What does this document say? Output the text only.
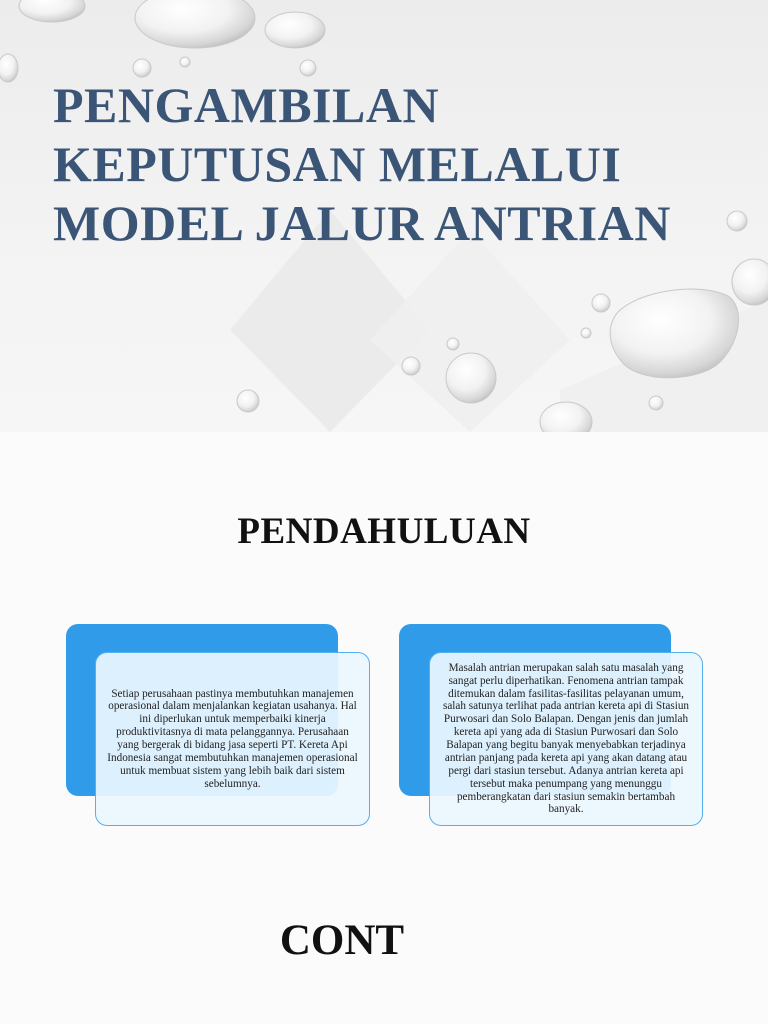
PENGAMBILAN
KEPUTUSAN MELALUI
MODEL JALUR ANTRIAN
PENDAHULUAN
Setiap perusahaan pastinya membutuhkan manajemen operasional dalam menjalankan kegiatan usahanya. Hal ini diperlukan untuk memperbaiki kinerja produktivitasnya di mata pelanggannya. Perusahaan yang bergerak di bidang jasa seperti PT. Kereta Api Indonesia sangat membutuhkan manajemen operasional untuk membuat sistem yang lebih baik dari sistem sebelumnya.
Masalah antrian merupakan salah satu masalah yang sangat perlu diperhatikan. Fenomena antrian tampak ditemukan dalam fasilitas-fasilitas pelayanan umum, salah satunya terlihat pada antrian kereta api di Stasiun Purwosari dan Solo Balapan. Dengan jenis dan jumlah kereta api yang ada di Stasiun Purwosari dan Solo Balapan yang begitu banyak menyebabkan terjadinya antrian panjang pada kereta api yang akan datang atau pergi dari stasiun tersebut. Adanya antrian kereta api tersebut maka penumpang yang menunggu pemberangkatan dari stasiun semakin bertambah banyak.
CONT
